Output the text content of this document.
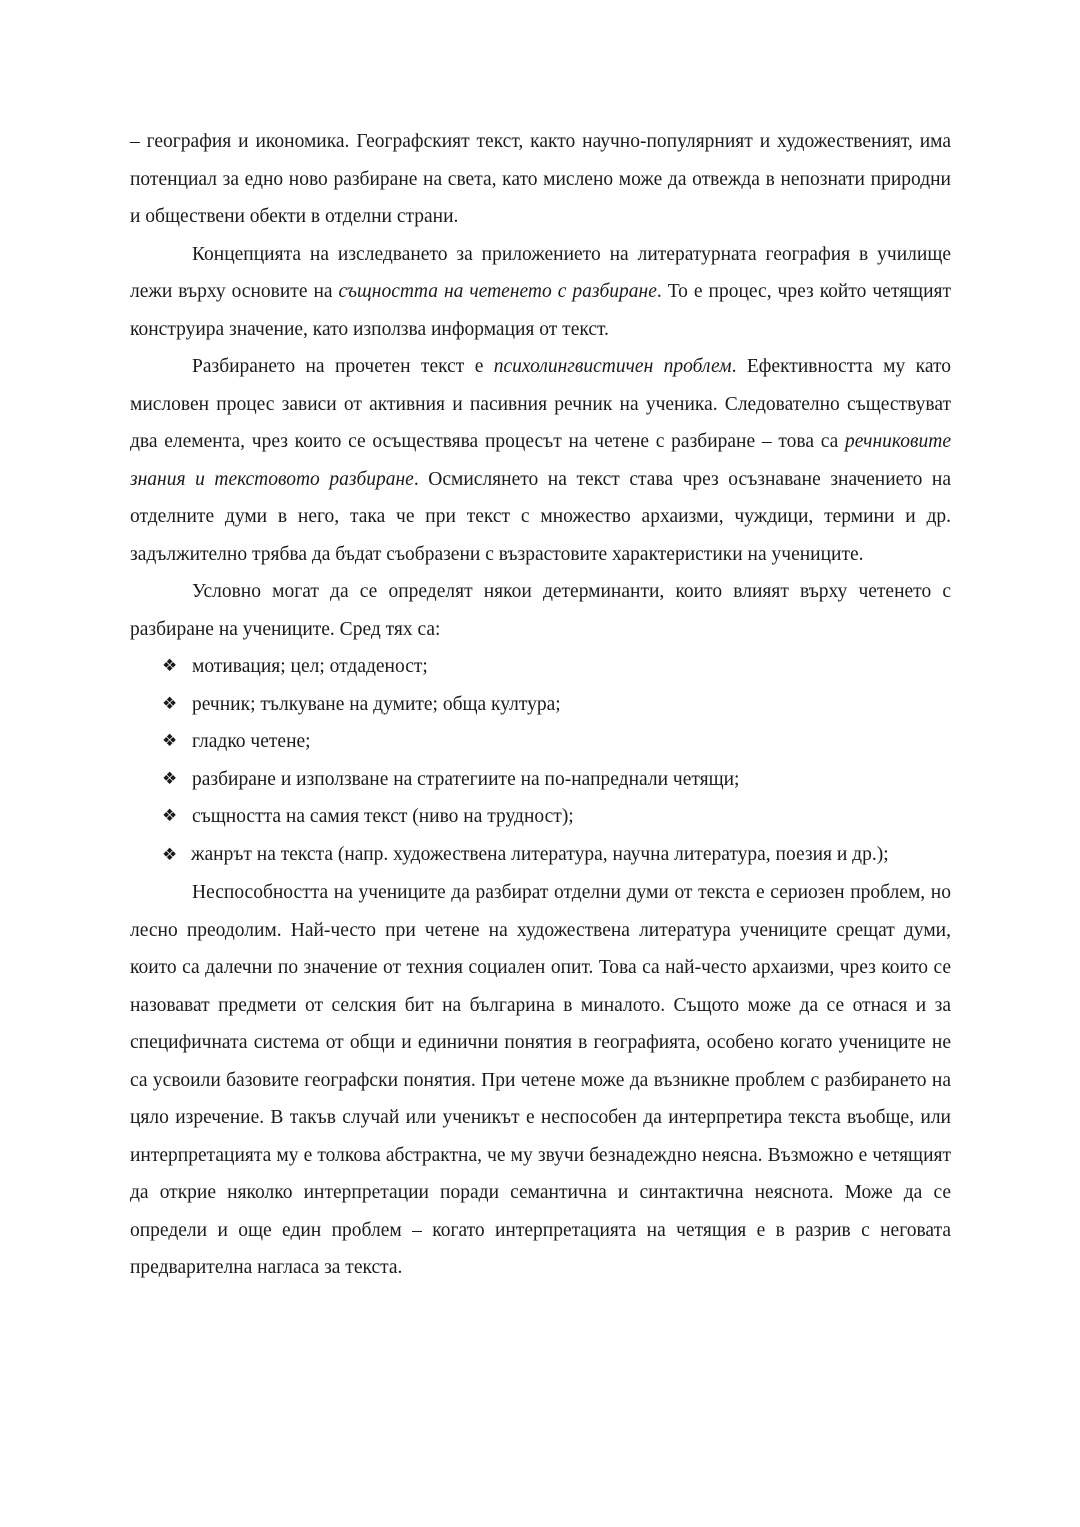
– география и икономика. Географският текст, както научно-популярният и художественият, има потенциал за едно ново разбиране на света, като мислено може да отвежда в непознати природни и обществени обекти в отделни страни.

Концепцията на изследването за приложението на литературната география в училище лежи върху основите на същността на четенето с разбиране. То е процес, чрез който четящият конструира значение, като използва информация от текст.

Разбирането на прочетен текст е психолингвистичен проблем. Ефективността му като мисловен процес зависи от активния и пасивния речник на ученика. Следователно съществуват два елемента, чрез които се осъществява процесът на четене с разбиране – това са речниковите знания и текстовото разбиране. Осмислянето на текст става чрез осъзнаване значението на отделните думи в него, така че при текст с множество архаизми, чуждици, термини и др. задължително трябва да бъдат съобразени с възрастовите характеристики на учениците.

Условно могат да се определят някои детерминанти, които влияят върху четенето с разбиране на учениците. Сред тях са:

❖ мотивация; цел; отдаденост;
❖ речник; тълкуване на думите; обща култура;
❖ гладко четене;
❖ разбиране и използване на стратегиите на по-напреднали четящи;
❖ същността на самия текст (ниво на трудност);
❖ жанрът на текста (напр. художествена литература, научна литература, поезия и др.);

Неспособността на учениците да разбират отделни думи от текста е сериозен проблем, но лесно преодолим. Най-често при четене на художествена литература учениците срещат думи, които са далечни по значение от техния социален опит. Това са най-често архаизми, чрез които се назовават предмети от селския бит на българина в миналото. Същото може да се отнася и за специфичната система от общи и единични понятия в географията, особено когато учениците не са усвоили базовите географски понятия. При четене може да възникне проблем с разбирането на цяло изречение. В такъв случай или ученикът е неспособен да интерпретира текста въобще, или интерпретацията му е толкова абстрактна, че му звучи безнадеждно неясна. Възможно е четящият да открие няколко интерпретации поради семантична и синтактична неяснота. Може да се определи и още един проблем – когато интерпретацията на четящия е в разрив с неговата предварителна нагласа за текста.
